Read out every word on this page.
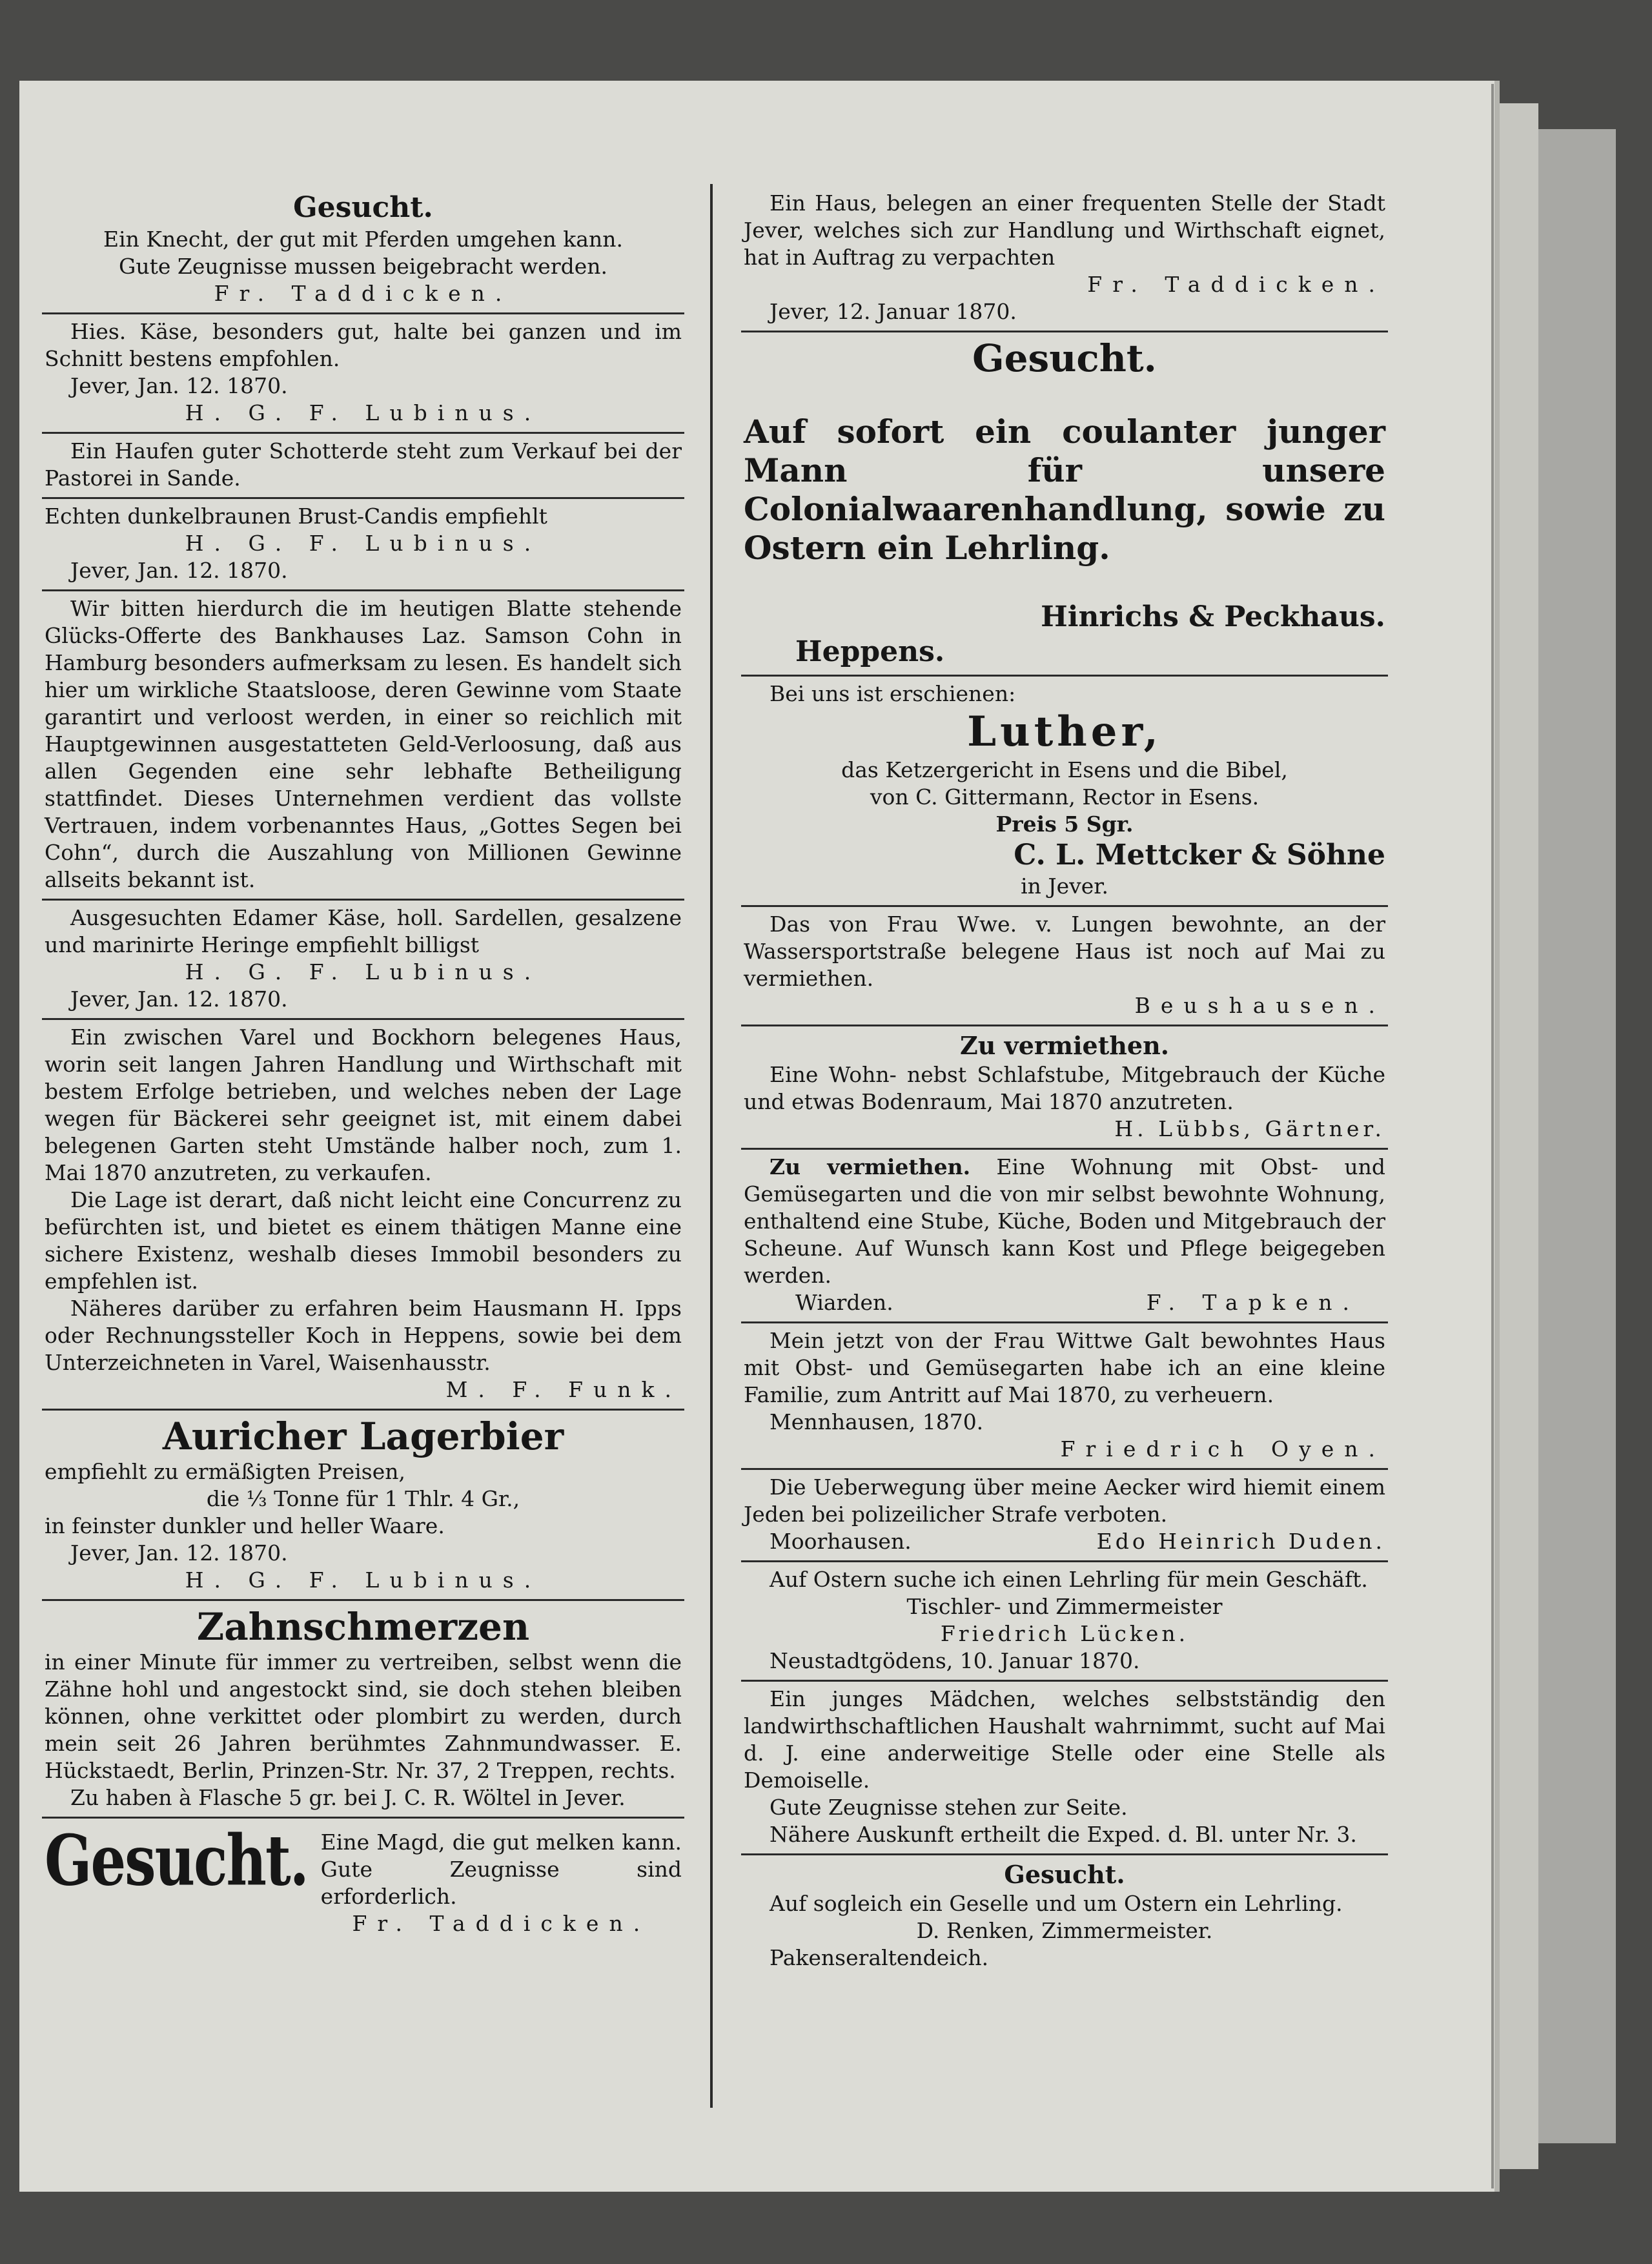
Gesucht.

Ein Knecht, der gut mit Pferden umgehen kann.

Gute Zeugnisse mussen beigebracht werden.

Fr. Taddicken.

Hies. Käse, besonders gut, halte bei ganzen und im Schnitt bestens empfohlen.

Jever, Jan. 12. 1870.

H. G. F. Lubinus.

Ein Haufen guter Schotterde steht zum Verkauf bei der Pastorei in Sande.

Echten dunkelbraunen Brust-Candis empfiehlt

H. G. F. Lubinus.

Jever, Jan. 12. 1870.

Wir bitten hierdurch die im heutigen Blatte stehende Glücks-Offerte des Bankhauses Laz. Samson Cohn in Hamburg besonders aufmerksam zu lesen. Es handelt sich hier um wirkliche Staatsloose, deren Gewinne vom Staate garantirt und verloost werden, in einer so reichlich mit Hauptgewinnen ausgestatteten Geld-Verloosung, daß aus allen Gegenden eine sehr lebhafte Betheiligung stattfindet. Dieses Unternehmen verdient das vollste Vertrauen, indem vorbenanntes Haus, „Gottes Segen bei Cohn“, durch die Auszahlung von Millionen Gewinne allseits bekannt ist.

Ausgesuchten Edamer Käse, holl. Sardellen, gesalzene und marinirte Heringe empfiehlt billigst

H. G. F. Lubinus.

Jever, Jan. 12. 1870.

Ein zwischen Varel und Bockhorn belegenes Haus, worin seit langen Jahren Handlung und Wirthschaft mit bestem Erfolge betrieben, und welches neben der Lage wegen für Bäckerei sehr geeignet ist, mit einem dabei belegenen Garten steht Umstände halber noch, zum 1. Mai 1870 anzutreten, zu verkaufen.

Die Lage ist derart, daß nicht leicht eine Concurrenz zu befürchten ist, und bietet es einem thätigen Manne eine sichere Existenz, weshalb dieses Immobil besonders zu empfehlen ist.

Näheres darüber zu erfahren beim Hausmann H. Ipps oder Rechnungssteller Koch in Heppens, sowie bei dem Unterzeichneten in Varel, Waisenhausstr.

M. F. Funk.

Auricher Lagerbier

empfiehlt zu ermäßigten Preisen,

die ⅓ Tonne für 1 Thlr. 4 Gr.,

in feinster dunkler und heller Waare.

Jever, Jan. 12. 1870.

H. G. F. Lubinus.

Zahnschmerzen

in einer Minute für immer zu vertreiben, selbst wenn die Zähne hohl und angestockt sind, sie doch stehen bleiben können, ohne verkittet oder plombirt zu werden, durch mein seit 26 Jahren berühmtes Zahnmundwasser. E. Hückstaedt, Berlin, Prinzen-Str. Nr. 37, 2 Treppen, rechts.

Zu haben à Flasche 5 gr. bei J. C. R. Wöltel in Jever.

Gesucht. Eine Magd, die gut melken kann. Gute Zeugnisse sind erforderlich.

Fr. Taddicken.

Ein Haus, belegen an einer frequenten Stelle der Stadt Jever, welches sich zur Handlung und Wirthschaft eignet, hat in Auftrag zu verpachten

Fr. Taddicken.

Jever, 12. Januar 1870.

Gesucht.

Auf sofort ein coulanter junger Mann für unsere Colonialwaarenhandlung, sowie zu Ostern ein Lehrling.

Hinrichs & Peckhaus.

Heppens.

Bei uns ist erschienen:

Luther,

das Ketzergericht in Esens und die Bibel,

von C. Gittermann, Rector in Esens.

Preis 5 Sgr.

C. L. Mettcker & Söhne

in Jever.

Das von Frau Wwe. v. Lungen bewohnte, an der Wassersportstraße belegene Haus ist noch auf Mai zu vermiethen.

Beushausen.

Zu vermiethen.

Eine Wohn- nebst Schlafstube, Mitgebrauch der Küche und etwas Bodenraum, Mai 1870 anzutreten.

H. Lübbs, Gärtner.

Zu vermiethen. Eine Wohnung mit Obst- und Gemüsegarten und die von mir selbst bewohnte Wohnung, enthaltend eine Stube, Küche, Boden und Mitgebrauch der Scheune. Auf Wunsch kann Kost und Pflege beigegeben werden.

Wiarden.	F. Tapken.

Mein jetzt von der Frau Wittwe Galt bewohntes Haus mit Obst- und Gemüsegarten habe ich an eine kleine Familie, zum Antritt auf Mai 1870, zu verheuern.

Mennhausen, 1870.

Friedrich Oyen.

Die Ueberwegung über meine Aecker wird hiemit einem Jeden bei polizeilicher Strafe verboten.

Moorhausen.	Edo Heinrich Duden.

Auf Ostern suche ich einen Lehrling für mein Geschäft.

Tischler- und Zimmermeister

Friedrich Lücken.

Neustadtgödens, 10. Januar 1870.

Ein junges Mädchen, welches selbstständig den landwirthschaftlichen Haushalt wahrnimmt, sucht auf Mai d. J. eine anderweitige Stelle oder eine Stelle als Demoiselle.

Gute Zeugnisse stehen zur Seite.

Nähere Auskunft ertheilt die Exped. d. Bl. unter Nr. 3.

Gesucht.

Auf sogleich ein Geselle und um Ostern ein Lehrling.

D. Renken, Zimmermeister.

Pakenseraltendeich.
